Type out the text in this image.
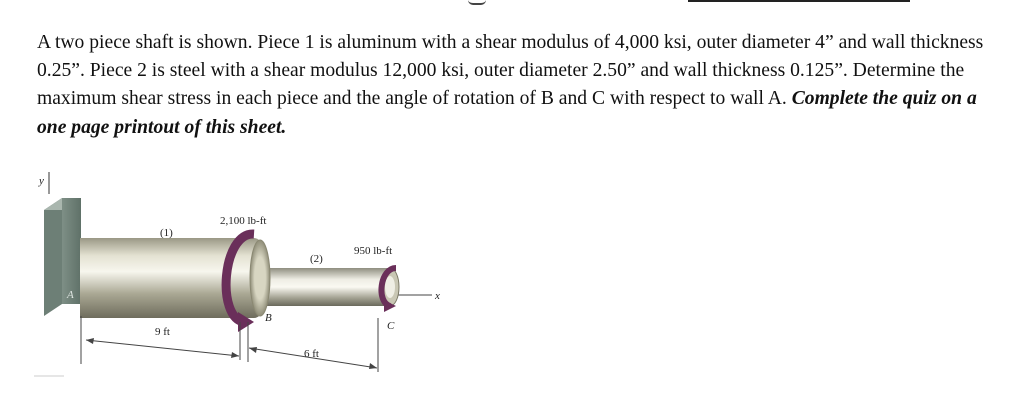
A two piece shaft is shown. Piece 1 is aluminum with a shear modulus of 4,000 ksi, outer diameter 4” and wall thickness 0.25”. Piece 2 is steel with a shear modulus 12,000 ksi, outer diameter 2.50” and wall thickness 0.125”. Determine the maximum shear stress in each piece and the angle of rotation of B and C with respect to wall A. Complete the quiz on a one page printout of this sheet.
y
A	x
(1)
2,100 lb-ft
(2)
950 lb-ft
B
C
9 ft
6 ft
